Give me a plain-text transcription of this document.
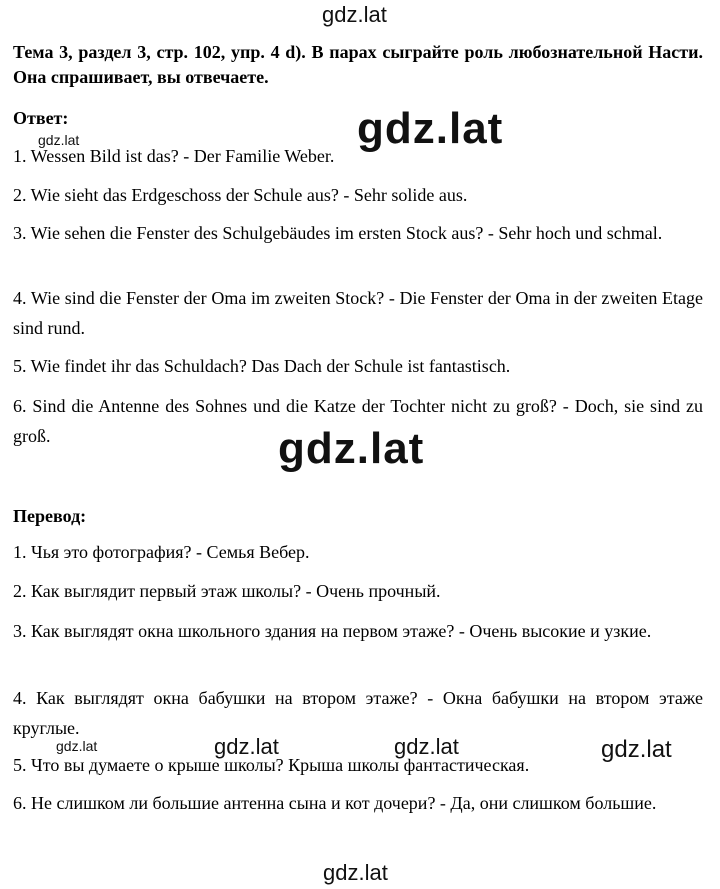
gdz.lat

Тема 3, раздел 3, стр. 102, упр. 4 d). В парах сыграйте роль любознательной Насти. Она спрашивает, вы отвечаете.

Ответ:

1. Wessen Bild ist das? - Der Familie Weber.

2. Wie sieht das Erdgeschoss der Schule aus? - Sehr solide aus.

3. Wie sehen die Fenster des Schulgebäudes im ersten Stock aus? - Sehr hoch und schmal.

4. Wie sind die Fenster der Oma im zweiten Stock? - Die Fenster der Oma in der zweiten Etage sind rund.

5. Wie findet ihr das Schuldach? Das Dach der Schule ist fantastisch.

6. Sind die Antenne des Sohnes und die Katze der Tochter nicht zu groß? - Doch, sie sind zu groß.

Перевод:

1. Чья это фотография? - Семья Вебер.

2. Как выглядит первый этаж школы? - Очень прочный.

3. Как выглядят окна школьного здания на первом этаже? - Очень высокие и узкие.

4. Как выглядят окна бабушки на втором этаже? - Окна бабушки на втором этаже круглые.

5. Что вы думаете о крыше школы? Крыша школы фантастическая.

6. Не слишком ли большие антенна сына и кот дочери? - Да, они слишком большие.

gdz.lat
gdz.lat
gdz.lat
gdz.lat	gdz.lat	gdz.lat	gdz.lat
gdz.lat
